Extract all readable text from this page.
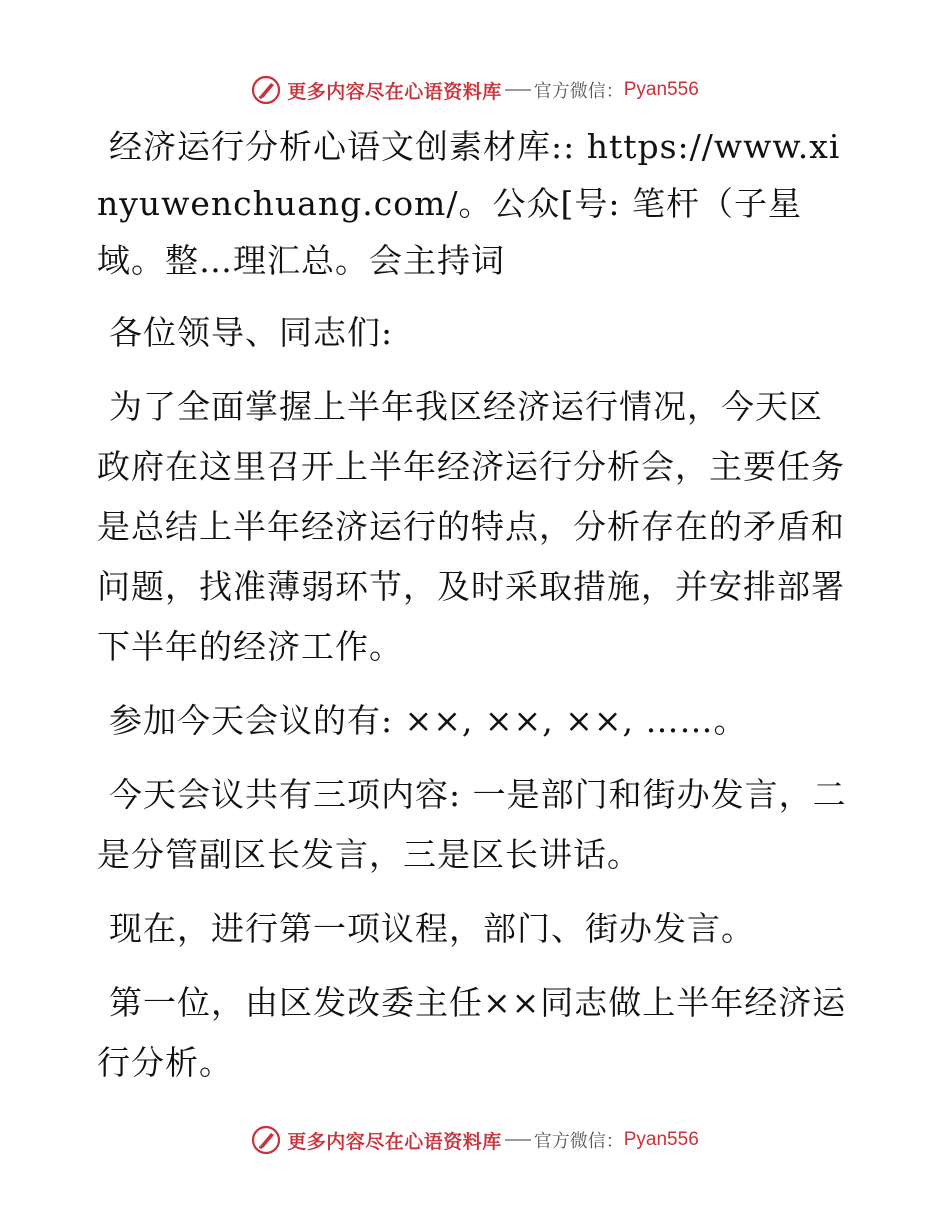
更多内容尽在心语资料库 官方微信： Pyan556

经济运行分析心语文创素材库:: https://www.xinyuwenchuang.com/。公众[号: 笔杆（子星域。整…理汇总。会主持词

各位领导、同志们:

为了全面掌握上半年我区经济运行情况，今天区政府在这里召开上半年经济运行分析会，主要任务是总结上半年经济运行的特点，分析存在的矛盾和问题，找准薄弱环节，及时采取措施，并安排部署下半年的经济工作。

参加今天会议的有: ××, ××, ××, ……。

今天会议共有三项内容: 一是部门和街办发言，二是分管副区长发言，三是区长讲话。

现在，进行第一项议程，部门、街办发言。

第一位，由区发改委主任××同志做上半年经济运行分析。

更多内容尽在心语资料库 官方微信： Pyan556
